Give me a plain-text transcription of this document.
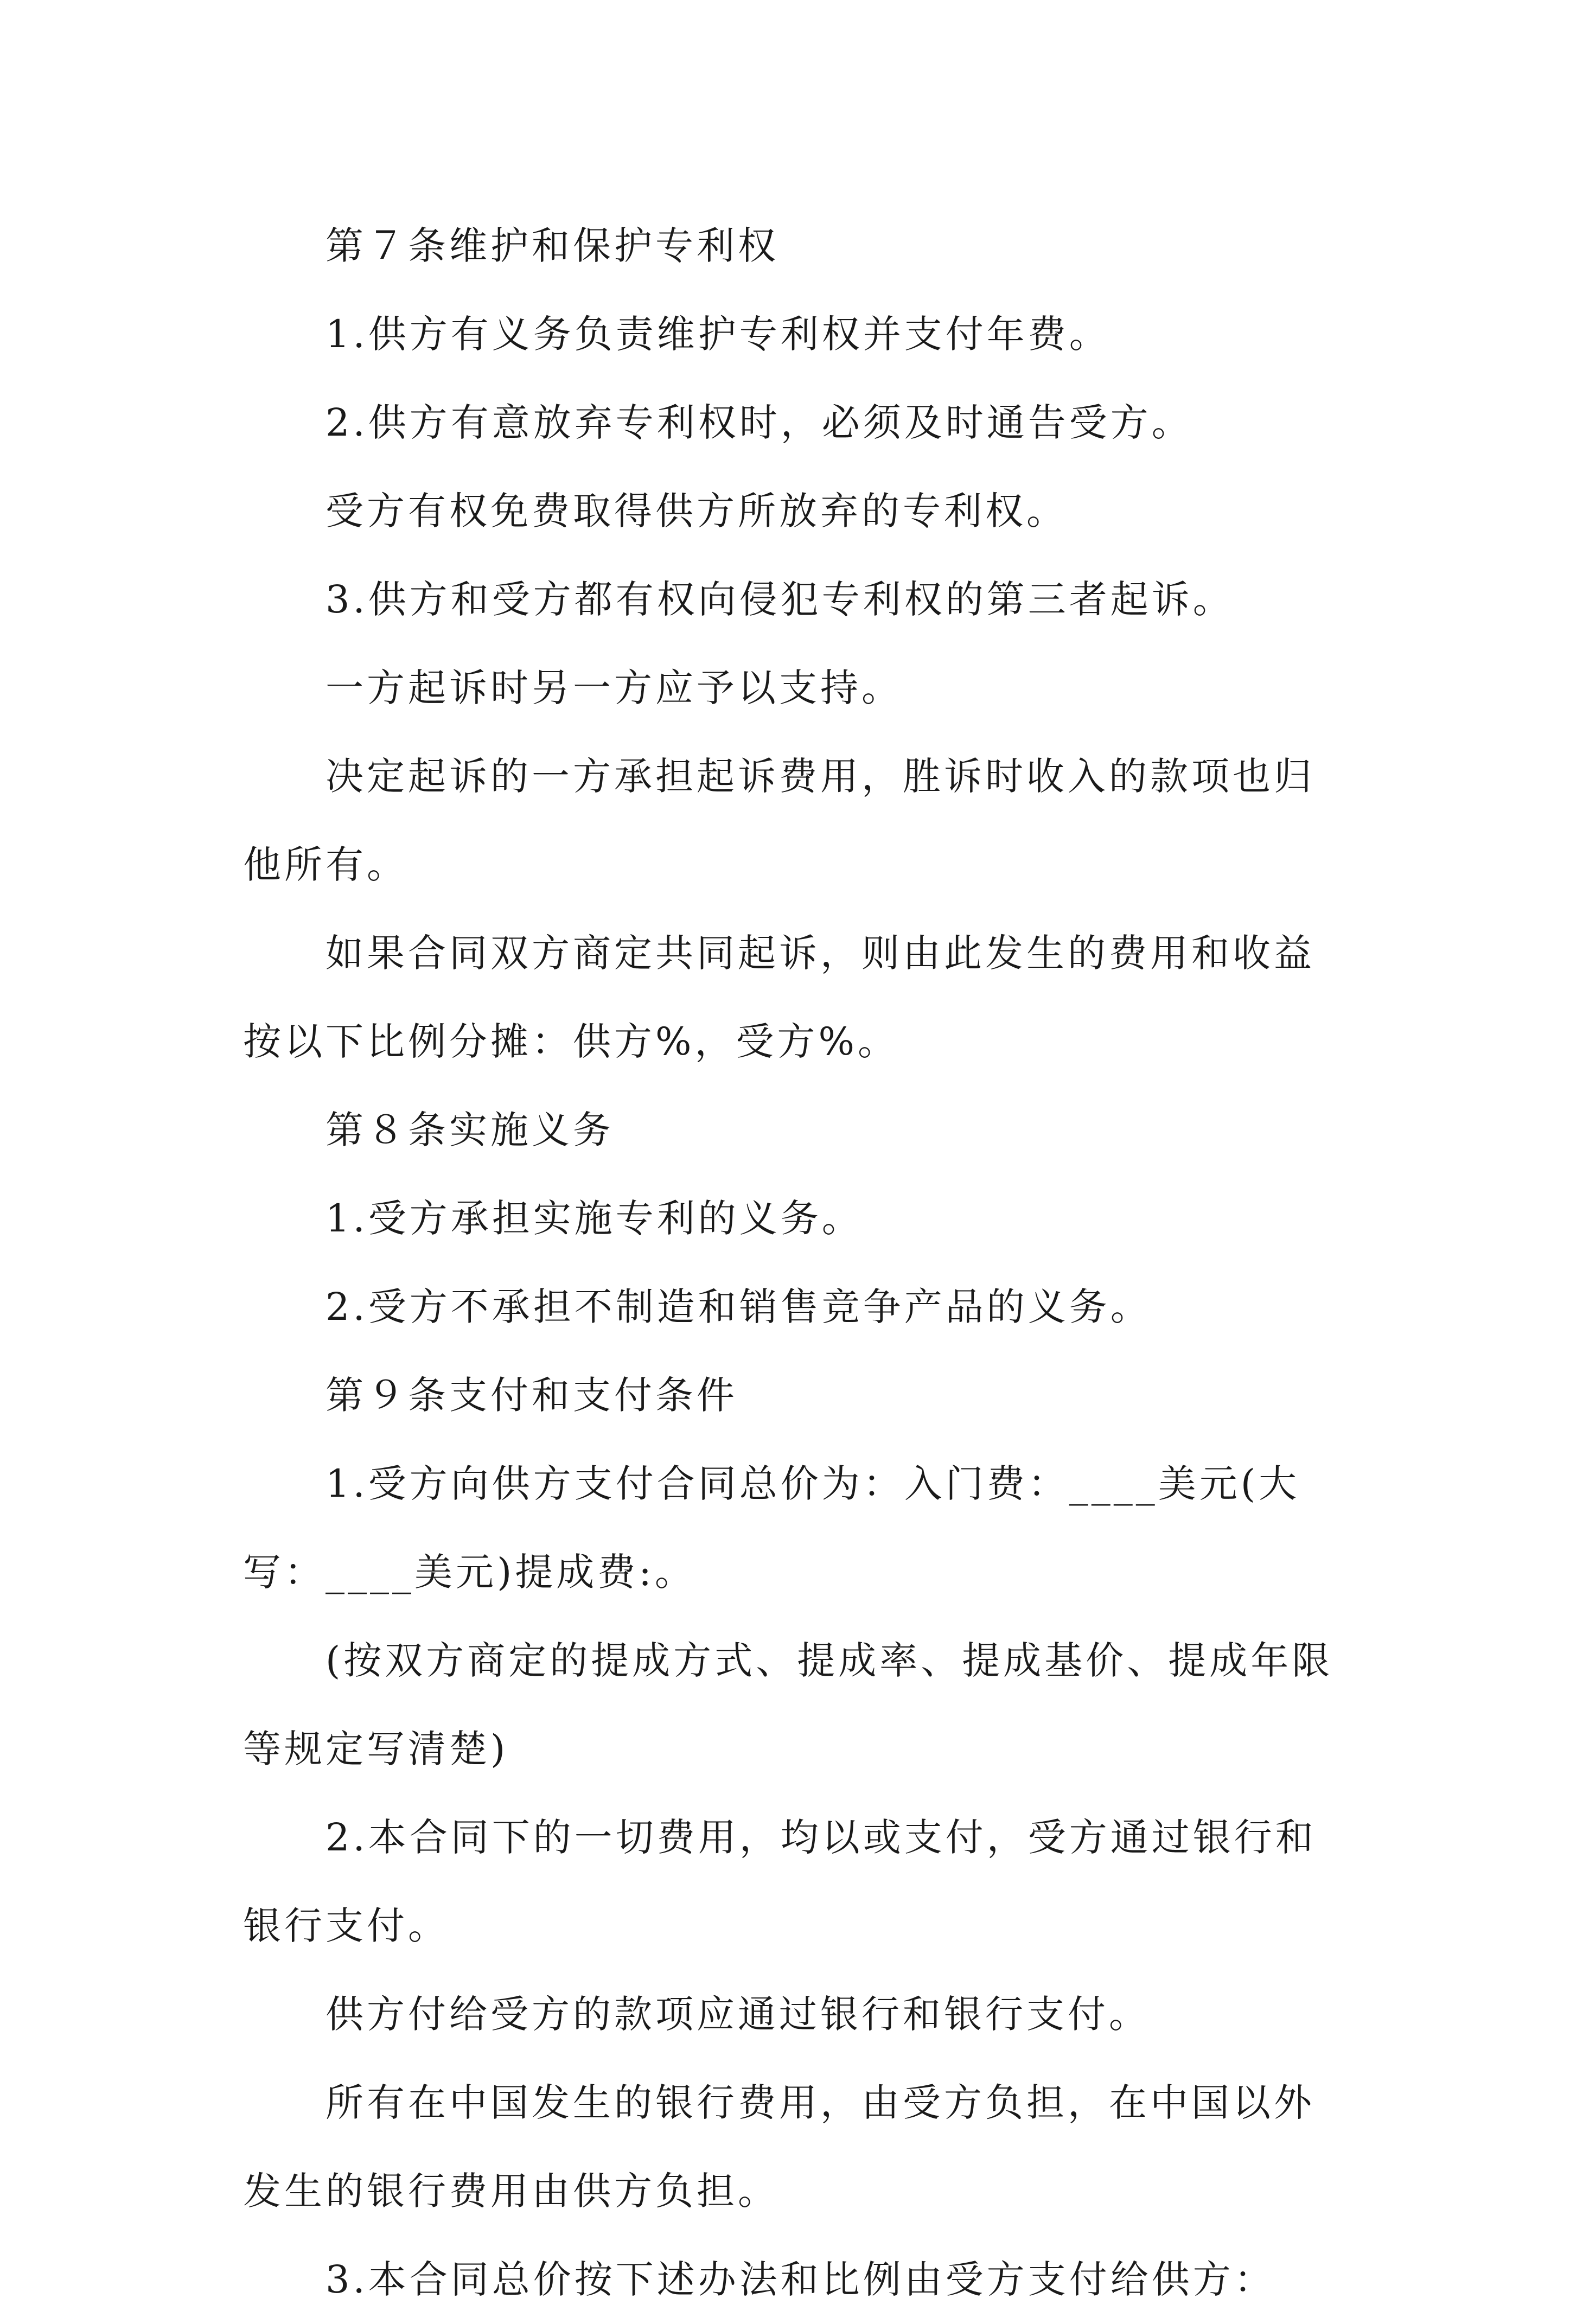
第７条维护和保护专利权

1.供方有义务负责维护专利权并支付年费。

2.供方有意放弃专利权时，必须及时通告受方。

受方有权免费取得供方所放弃的专利权。

3.供方和受方都有权向侵犯专利权的第三者起诉。

一方起诉时另一方应予以支持。

决定起诉的一方承担起诉费用，胜诉时收入的款项也归他所有。

如果合同双方商定共同起诉，则由此发生的费用和收益按以下比例分摊：供方%，受方%。

第８条实施义务

1.受方承担实施专利的义务。

2.受方不承担不制造和销售竞争产品的义务。

第９条支付和支付条件

1.受方向供方支付合同总价为：入门费：____美元(大写：____美元)提成费:。

(按双方商定的提成方式、提成率、提成基价、提成年限等规定写清楚)

2.本合同下的一切费用，均以或支付，受方通过银行和银行支付。

供方付给受方的款项应通过银行和银行支付。

所有在中国发生的银行费用，由受方负担，在中国以外发生的银行费用由供方负担。

3.本合同总价按下述办法和比例由受方支付给供方：
